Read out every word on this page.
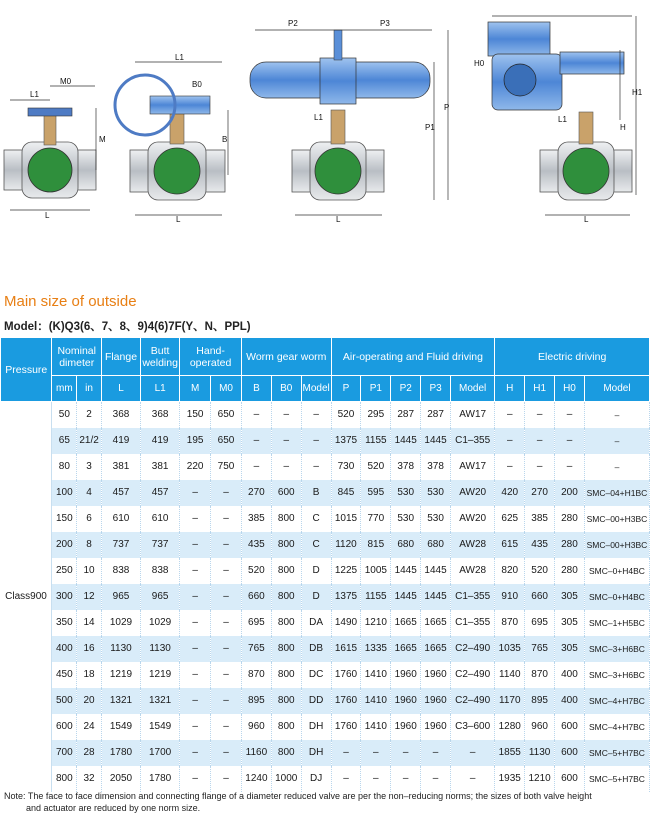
L1
M0
M
L
L1
B0
B
L
P2	P3
L1
P1
P
L
H0
L1
H1
H
L
Main size of outside
Model：(K)Q3(6、7、8、9)4(6)7F(Y、N、PPL)
Pressure	Nominal dimeter		Flange	Butt welding	Hand-operated		Worm gear worm			Air-operating and Fluid driving					Electric driving			
	mm	in	L	L1	M	M0	B	B0	Model	P	P1	P2	P3	Model	H	H1	H0	Model
Class900	50	2	368	368	150	650	–	–	–	520	295	287	287	AW17	–	–	–	–
	65	21/2	419	419	195	650	–	–	–	1375	1155	1445	1445	C1–355	–	–	–	–
	80	3	381	381	220	750	–	–	–	730	520	378	378	AW17	–	–	–	–
	100	4	457	457	–	–	270	600	B	845	595	530	530	AW20	420	270	200	SMC–04+H1BC
	150	6	610	610	–	–	385	800	C	1015	770	530	530	AW20	625	385	280	SMC–00+H3BC
	200	8	737	737	–	–	435	800	C	1120	815	680	680	AW28	615	435	280	SMC–00+H3BC
	250	10	838	838	–	–	520	800	D	1225	1005	1445	1445	AW28	820	520	280	SMC–0+H4BC
	300	12	965	965	–	–	660	800	D	1375	1155	1445	1445	C1–355	910	660	305	SMC–0+H4BC
	350	14	1029	1029	–	–	695	800	DA	1490	1210	1665	1665	C1–355	870	695	305	SMC–1+H5BC
	400	16	1130	1130	–	–	765	800	DB	1615	1335	1665	1665	C2–490	1035	765	305	SMC–3+H6BC
	450	18	1219	1219	–	–	870	800	DC	1760	1410	1960	1960	C2–490	1140	870	400	SMC–3+H6BC
	500	20	1321	1321	–	–	895	800	DD	1760	1410	1960	1960	C2–490	1170	895	400	SMC–4+H7BC
	600	24	1549	1549	–	–	960	800	DH	1760	1410	1960	1960	C3–600	1280	960	600	SMC–4+H7BC
	700	28	1780	1700	–	–	1160	800	DH	–	–	–	–	–	1855	1130	600	SMC–5+H7BC
	800	32	2050	1780	–	–	1240	1000	DJ	–	–	–	–	–	1935	1210	600	SMC–5+H7BC
Note: The face to face dimension and connecting flange of a diameter reduced valve are per the non–reducing norms; the sizes of both valve height
and actuator are reduced by one norm size.
